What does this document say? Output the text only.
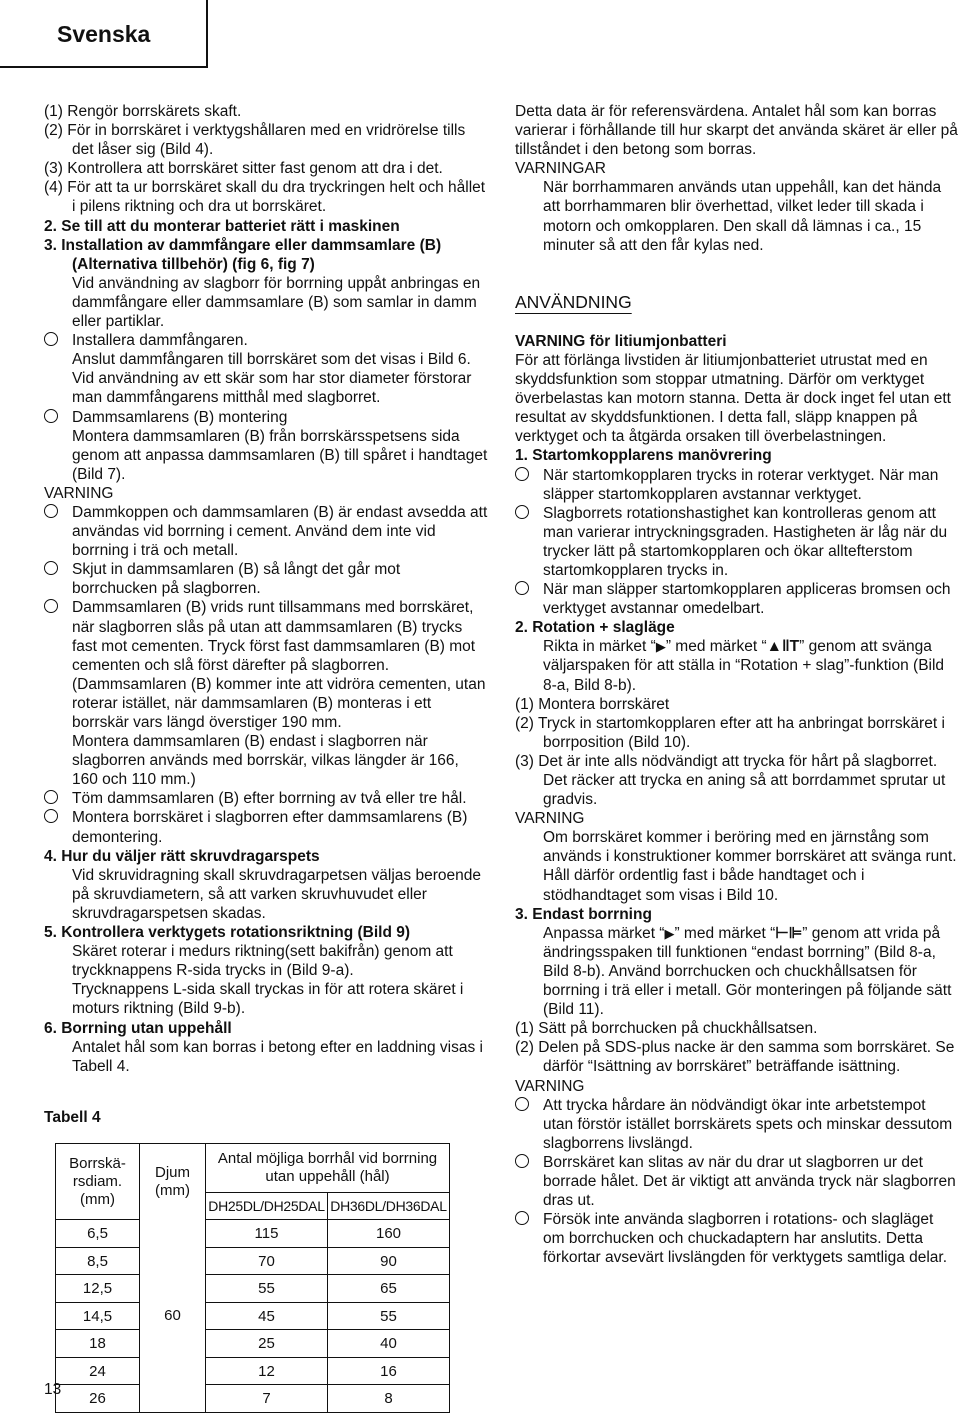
Svenska

(1) Rengör borrskärets skaft.

(2) För in borrskäret i verktygshållaren med en vridrörelse tills det låser sig (Bild 4).

(3) Kontrollera att borrskäret sitter fast genom att dra i det.

(4) För att ta ur borrskäret skall du dra tryckringen helt och hållet i pilens riktning och dra ut borrskäret.

2. Se till att du monterar batteriet rätt i maskinen

3. Installation av dammfångare eller dammsamlare (B) (Alternativa tillbehör) (fig 6, fig 7)

Vid användning av slagborr för borrning uppåt anbringas en dammfångare eller dammsamlare (B) som samlar in damm eller partiklar.

Installera dammfångaren.

Anslut dammfångaren till borrskäret som det visas i Bild 6.

Vid användning av ett skär som har stor diameter förstorar man dammfångarens mitthål med slagborret.

Dammsamlarens (B) montering

Montera dammsamlaren (B) från borrskärsspetsens sida genom att anpassa dammsamlaren (B) till spåret i handtaget (Bild 7).

VARNING

Dammkoppen och dammsamlaren (B) är endast avsedda att användas vid borrning i cement. Använd dem inte vid borrning i trä och metall.

Skjut in dammsamlaren (B) så långt det går mot borrchucken på slagborren.

Dammsamlaren (B) vrids runt tillsammans med borrskäret, när slagborren slås på utan att dammsamlaren (B) trycks fast mot cementen. Tryck först fast dammsamlaren (B) mot cementen och slå först därefter på slagborren. (Dammsamlaren (B) kommer inte att vidröra cementen, utan roterar istället, när dammsamlaren (B) monteras i ett borrskär vars längd överstiger 190 mm.

Montera dammsamlaren (B) endast i slagborren när slagborren används med borrskär, vilkas längder är 166, 160 och 110 mm.)

Töm dammsamlaren (B) efter borrning av två eller tre hål.

Montera borrskäret i slagborren efter dammsamlarens (B) demontering.

4. Hur du väljer rätt skruvdragarspets

Vid skruvidragning skall skruvdragarpetsen väljas beroende på skruvdiametern, så att varken skruvhuvudet eller skruvdragarspetsen skadas.

5. Kontrollera verktygets rotationsriktning (Bild 9)

Skäret roterar i medurs riktning(sett bakifrån) genom att tryckknappens R-sida trycks in (Bild 9-a).

Trycknappens L-sida skall tryckas in för att rotera skäret i moturs riktning (Bild 9-b).

6. Borrning utan uppehåll

Antalet hål som kan borras i betong efter en laddning visas i Tabell 4.

Tabell 4

Borrskä-rsdiam. (mm)	Djum (mm)	Antal möjliga borrhål vid borrning utan uppehåll (hål)	
		DH25DL/DH25DAL	DH36DL/DH36DAL
6,5	60	115	160
8,5		70	90
12,5		55	65
14,5		45	55
18		25	40
24		12	16
26		7	8

Detta data är för referensvärdena. Antalet hål som kan borras varierar i förhållande till hur skarpt det använda skäret är eller på tillståndet i den betong som borras.

VARNINGAR

När borrhammaren används utan uppehåll, kan det hända att borrhammaren blir överhettad, vilket leder till skada i motorn och omkopplaren. Den skall då lämnas i ca., 15 minuter så att den får kylas ned.

ANVÄNDNING

VARNING för litiumjonbatteri

För att förlänga livstiden är litiumjonbatteriet utrustat med en skyddsfunktion som stoppar utmatning. Därför om verktyget överbelastas kan motorn stanna. Detta är dock inget fel utan ett resultat av skyddsfunktionen. I detta fall, släpp knappen på verktyget och ta åtgärda orsaken till överbelastningen.

1. Startomkopplarens manövrering

När startomkopplaren trycks in roterar verktyget. När man släpper startomkopplaren avstannar verktyget.

Slagborrets rotationshastighet kan kontrolleras genom att man varierar intryckningsgraden. Hastigheten är låg när du trycker lätt på startomkopplaren och ökar alltefterstom startomkopplaren trycks in.

När man släpper startomkopplaren appliceras bromsen och verktyget avstannar omedelbart.

2. Rotation + slagläge

Rikta in märket “▶” med märket “▲‖T” genom att svänga väljarspaken för att ställa in “Rotation + slag”-funktion (Bild 8-a, Bild 8-b).

(1) Montera borrskäret

(2) Tryck in startomkopplaren efter att ha anbringat borrskäret i borrposition (Bild 10).

(3) Det är inte alls nödvändigt att trycka för hårt på slagborret. Det räcker att trycka en aning så att borrdammet sprutar ut gradvis.

VARNING

Om borrskäret kommer i beröring med en järnstång som används i konstruktioner kommer borrskäret att svänga runt. Håll därför ordentlig fast i både handtaget och i stödhandtaget som visas i Bild 10.

3. Endast borrning

Anpassa märket “▶” med märket “⊢⊫” genom att vrida på ändringsspaken till funktionen “endast borrning” (Bild 8-a, Bild 8-b). Använd borrchucken och chuckhållsatsen för borrning i trä eller i metall. Gör monteringen på följande sätt (Bild 11).

(1) Sätt på borrchucken på chuckhållsatsen.

(2) Delen på SDS-plus nacke är den samma som borrskäret. Se därför “Isättning av borrskäret” beträffande isättning.

VARNING

Att trycka hårdare än nödvändigt ökar inte arbetstempot utan förstör istället borrskärets spets och minskar dessutom slagborrens livslängd.

Borrskäret kan slitas av när du drar ut slagborren ur det borrade hålet. Det är viktigt att använda tryck när slagborren dras ut.

Försök inte använda slagborren i rotations- och slagläget om borrchucken och chuckadaptern har anslutits. Detta förkortar avsevärt livslängden för verktygets samtliga delar.

13
